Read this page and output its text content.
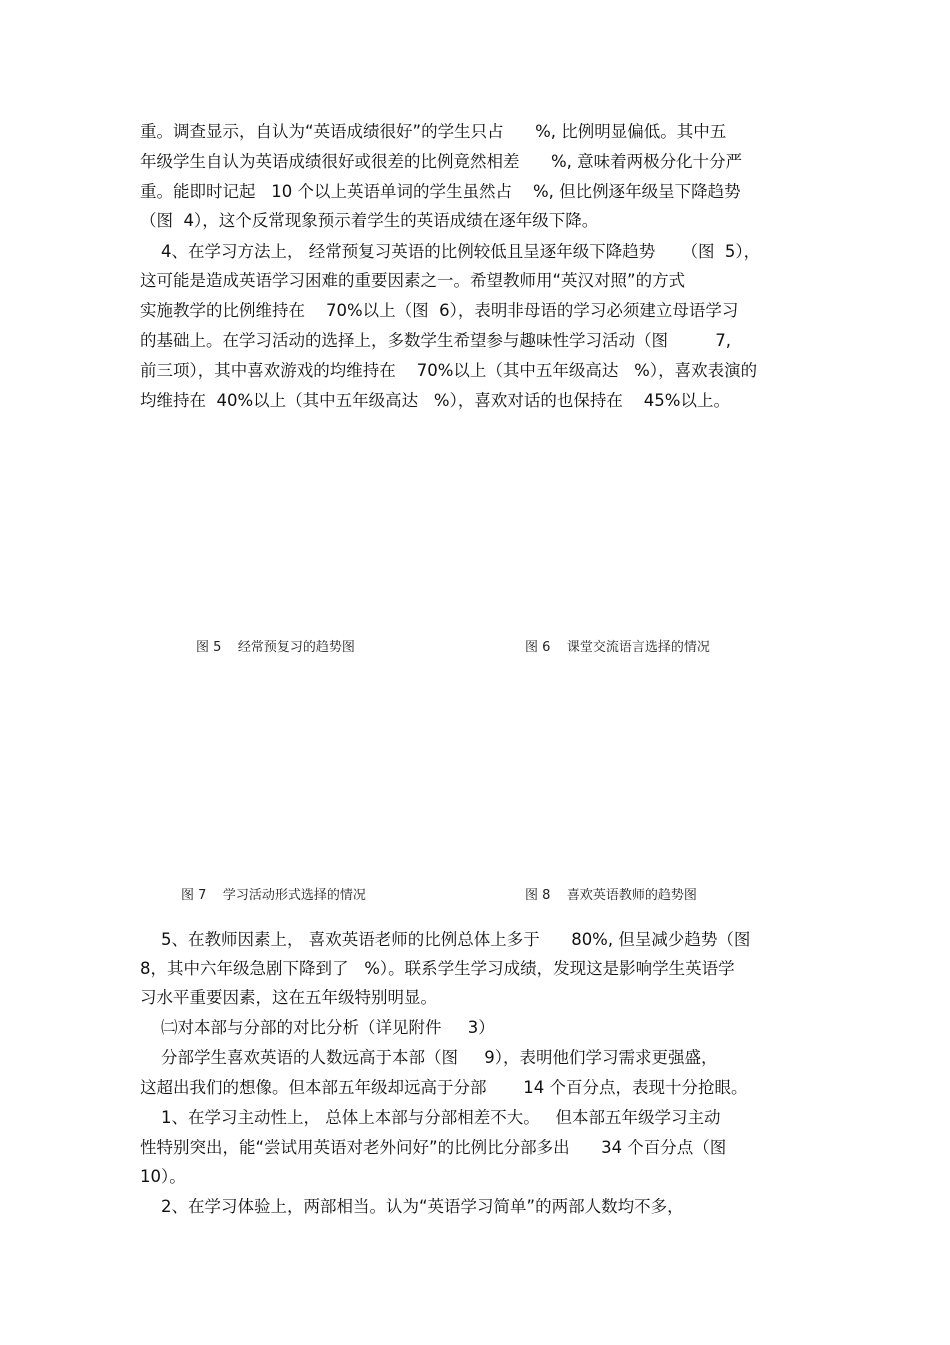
重。调查显示，自认为“英语成绩很好”的学生只占      %, 比例明显偏低。其中五
年级学生自认为英语成绩很好或很差的比例竟然相差      %, 意味着两极分化十分严
重。能即时记起   10 个以上英语单词的学生虽然占    %, 但比例逐年级呈下降趋势
（图  4），这个反常现象预示着学生的英语成绩在逐年级下降。
4、在学习方法上， 经常预复习英语的比例较低且呈逐年级下降趋势     （图  5），
这可能是造成英语学习困难的重要因素之一。希望教师用“英汉对照”的方式
实施教学的比例维持在    70%以上（图  6），表明非母语的学习必须建立母语学习
的基础上。在学习活动的选择上，多数学生希望参与趣味性学习活动（图         7,
前三项），其中喜欢游戏的均维持在    70%以上（其中五年级高达   %），喜欢表演的
均维持在  40%以上（其中五年级高达   %），喜欢对话的也保持在    45%以上。
图 5    经常预复习的趋势图	图 6    课堂交流语言选择的情况
图 7    学习活动形式选择的情况	图 8    喜欢英语教师的趋势图
5、在教师因素上， 喜欢英语老师的比例总体上多于      80%, 但呈减少趋势（图
8，其中六年级急剧下降到了   %）。联系学生学习成绩，发现这是影响学生英语学
习水平重要因素，这在五年级特别明显。
㈡对本部与分部的对比分析（详见附件     3）
分部学生喜欢英语的人数远高于本部（图     9），表明他们学习需求更强盛，
这超出我们的想像。但本部五年级却远高于分部       14 个百分点，表现十分抢眼。
1、在学习主动性上， 总体上本部与分部相差不大。   但本部五年级学习主动
性特别突出，能“尝试用英语对老外问好”的比例比分部多出      34 个百分点（图
10）。
2、在学习体验上，两部相当。认为“英语学习简单”的两部人数均不多，
